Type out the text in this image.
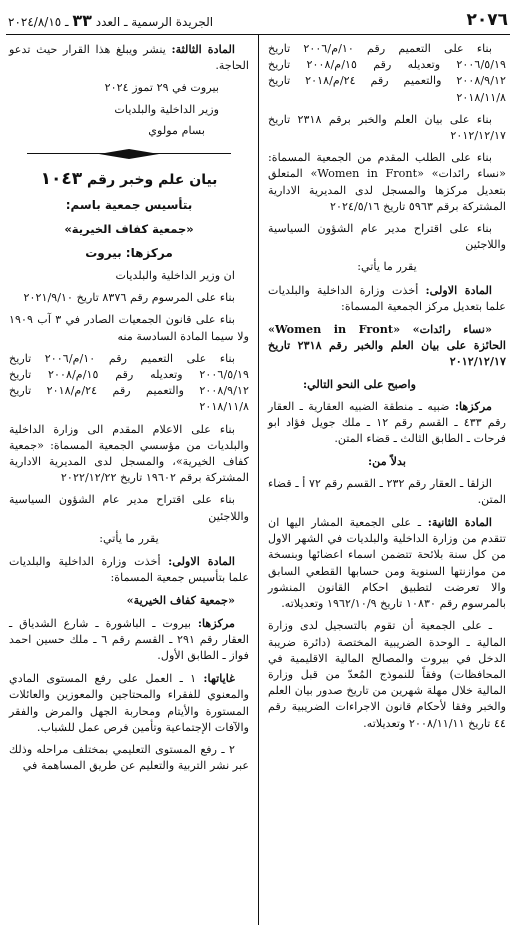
٢٠٧٦
الجريدة الرسمية ـ العدد ٣٣ ـ ٢٠٢٤/٨/١٥

بناء على التعميم رقم ١٠/م/٢٠٠٦ تاريخ ٢٠٠٦/٥/١٩ وتعديله رقم ١٥/م/٢٠٠٨ تاريخ ٢٠٠٨/٩/١٢ والتعميم رقم ٢٤/م/٢٠١٨ تاريخ ٢٠١٨/١١/٨

بناء على بيان العلم والخبر برقم ٢٣١٨ تاريخ ٢٠١٢/١٢/١٧

بناء على الطلب المقدم من الجمعية المسماة: «نساء رائدات» «Women in Front» المتعلق بتعديل مركزها والمسجل لدى المديرية الادارية المشتركة برقم ٥٩٦٣ تاريخ ٢٠٢٤/٥/١٦

بناء على اقتراح مدير عام الشؤون السياسية واللاجئين

يقرر ما يأتي:

المادة الاولى: أخذت وزارة الداخلية والبلديات علما بتعديل مركز الجمعية المسماة:

«نساء رائدات» «Women in Front» الحائزة على بيان العلم والخبر رقم ٢٣١٨ تاريخ ٢٠١٢/١٢/١٧

واصبح على النحو التالي:

مركزها: ضبيه ـ منطقة الضبيه العقارية ـ العقار رقم ٤٣٣ ـ القسم رقم ١٢ ـ ملك جويل فؤاد ابو فرحات ـ الطابق الثالث ـ قضاء المتن.

بدلاً من:

الزلقا ـ العقار رقم ٢٣٢ ـ القسم رقم ٧٢ أ ـ قضاء المتن.

المادة الثانية: ـ على الجمعية المشار اليها ان تتقدم من وزارة الداخلية والبلديات في الشهر الاول من كل سنة بلائحة تتضمن اسماء اعضائها وبنسخة من موازنتها السنوية ومن حسابها القطعي السابق والا تعرضت لتطبيق احكام القانون المنشور بالمرسوم رقم ١٠٨٣٠ تاريخ ١٩٦٢/١٠/٩ وتعديلاته.

ـ على الجمعية أن تقوم بالتسجيل لدى وزارة المالية ـ الوحدة الضريبية المختصة (دائرة ضريبة الدخل في بيروت والمصالح المالية الاقليمية في المحافظات) وفقاً للنموذج المُعدّ من قبل وزارة المالية خلال مهلة شهرين من تاريخ صدور بيان العلم والخبر وفقا لأحكام قانون الاجراءات الضريبية رقم ٤٤ تاريخ ٢٠٠٨/١١/١١ وتعديلاته.

المادة الثالثة: ينشر ويبلغ هذا القرار حيث تدعو الحاجة.

بيروت في ٢٩ تموز ٢٠٢٤

وزير الداخلية والبلديات

بسام مولوي

بيان علم وخبر رقم ١٠٤٣

بتأسيس جمعية باسم:

«جمعية كفاف الخيرية»

مركزها: بيروت

ان وزير الداخلية والبلديات

بناء على المرسوم رقم ٨٣٧٦ تاريخ ٢٠٢١/٩/١٠

بناء على قانون الجمعيات الصادر في ٣ آب ١٩٠٩ ولا سيما المادة السادسة منه

بناء على التعميم رقم ١٠/م/٢٠٠٦ تاريخ ٢٠٠٦/٥/١٩ وتعديله رقم ١٥/م/٢٠٠٨ تاريخ ٢٠٠٨/٩/١٢ والتعميم رقم ٢٤/م/٢٠١٨ تاريخ ٢٠١٨/١١/٨

بناء على الاعلام المقدم الى وزارة الداخلية والبلديات من مؤسسي الجمعية المسماة: «جمعية كفاف الخيرية»، والمسجل لدى المديرية الادارية المشتركة برقم ١٩٦٠٢ تاريخ ٢٠٢٢/١٢/٢٢

بناء على اقتراح مدير عام الشؤون السياسية واللاجئين

يقرر ما يأتي:

المادة الاولى: أخذت وزارة الداخلية والبلديات علما بتأسيس جمعية المسماة:

«جمعية كفاف الخيرية»

مركزها: بيروت ـ الباشورة ـ شارع الشدياق ـ العقار رقم ٢٩١ ـ القسم رقم ٦ ـ ملك حسين احمد فواز ـ الطابق الأول.

غاياتها: ١ ـ العمل على رفع المستوى المادي والمعنوي للفقراء والمحتاجين والمعوزين والعائلات المستورة والأيتام ومحاربة الجهل والمرض والفقر والآفات الإجتماعية وتأمين فرص عمل للشباب.

٢ ـ رفع المستوى التعليمي بمختلف مراحله وذلك عبر نشر التربية والتعليم عن طريق المساهمة في
